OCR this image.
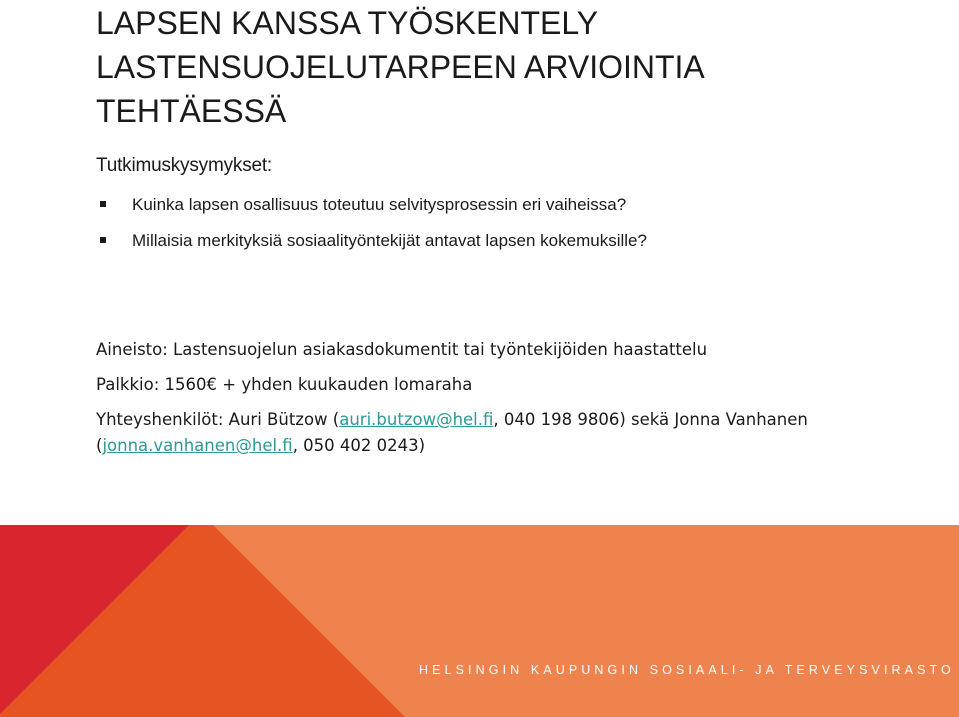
LAPSEN KANSSA TYÖSKENTELY
LASTENSUOJELUTARPEEN ARVIOINTIA
TEHTÄESSÄ
Tutkimuskysymykset:
Kuinka lapsen osallisuus toteutuu selvitysprosessin eri vaiheissa?
Millaisia merkityksiä sosiaalityöntekijät antavat lapsen kokemuksille?
Aineisto: Lastensuojelun asiakasdokumentit tai työntekijöiden haastattelu
Palkkio: 1560€ + yhden kuukauden lomaraha
Yhteyshenkilöt: Auri Bützow (auri.butzow@hel.fi, 040 198 9806) sekä Jonna Vanhanen (jonna.vanhanen@hel.fi, 050 402 0243)
HELSINGIN KAUPUNGIN SOSIAALI- JA TERVEYSVIRASTO
